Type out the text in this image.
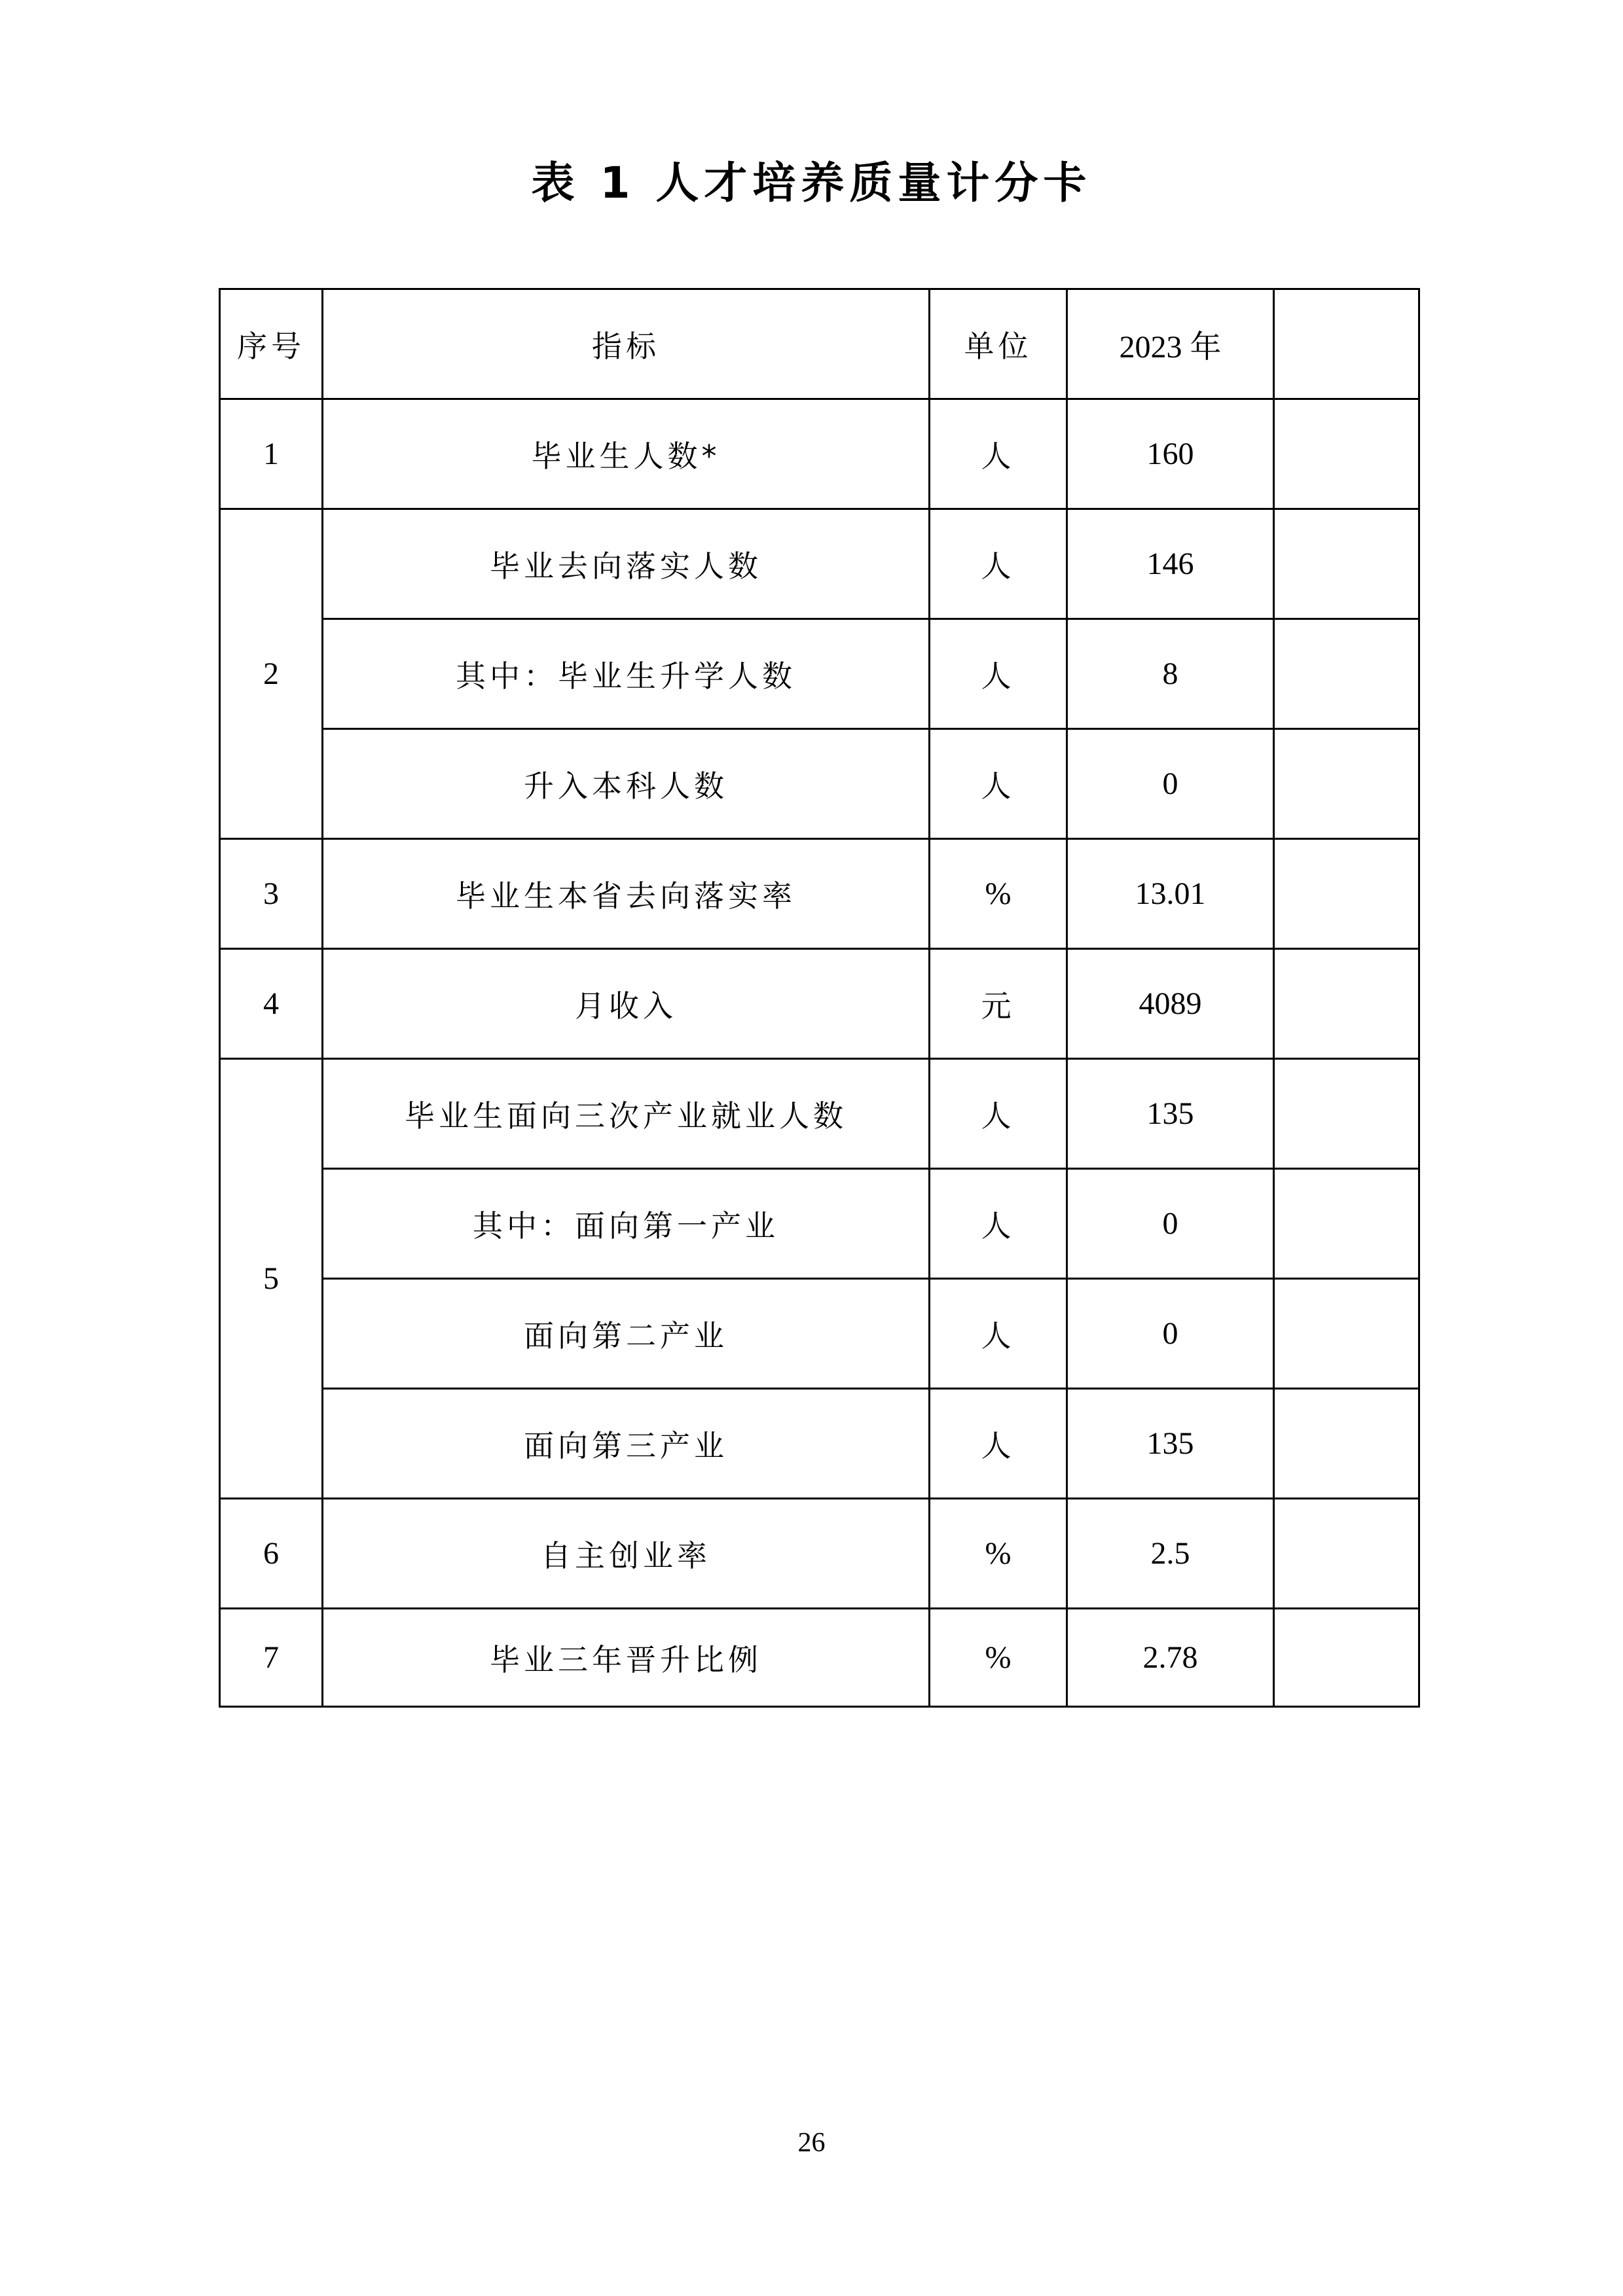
表 1 人才培养质量计分卡
序号	指标	单位	2023 年	
1	毕业生人数*	人	160	
2	毕业去向落实人数	人	146	
	其中：毕业生升学人数	人	8	
	升入本科人数	人	0	
3	毕业生本省去向落实率	%	13.01	
4	月收入	元	4089	
5	毕业生面向三次产业就业人数	人	135	
	其中：面向第一产业	人	0	
	面向第二产业	人	0	
	面向第三产业	人	135	
6	自主创业率	%	2.5	
7	毕业三年晋升比例	%	2.78	
26
